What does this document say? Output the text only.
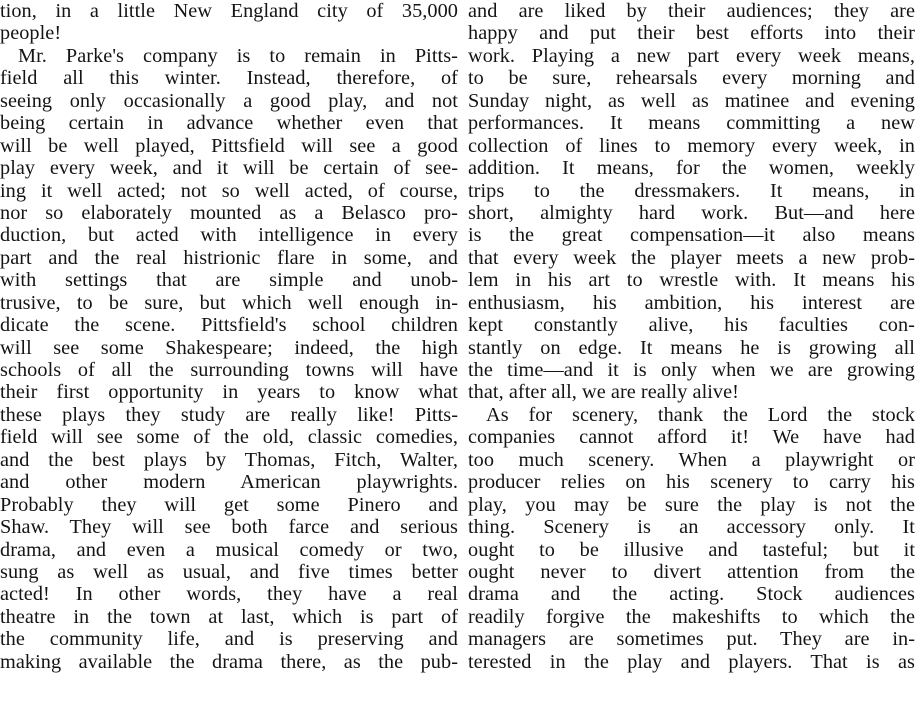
tion, in a little New England city of 35,000
people!
Mr. Parke's company is to remain in Pitts-
field all this winter. Instead, therefore, of
seeing only occasionally a good play, and not
being certain in advance whether even that
will be well played, Pittsfield will see a good
play every week, and it will be certain of see-
ing it well acted; not so well acted, of course,
nor so elaborately mounted as a Belasco pro-
duction, but acted with intelligence in every
part and the real histrionic flare in some, and
with settings that are simple and unob-
trusive, to be sure, but which well enough in-
dicate the scene. Pittsfield's school children
will see some Shakespeare; indeed, the high
schools of all the surrounding towns will have
their first opportunity in years to know what
these plays they study are really like! Pitts-
field will see some of the old, classic comedies,
and the best plays by Thomas, Fitch, Walter,
and other modern American playwrights.
Probably they will get some Pinero and
Shaw. They will see both farce and serious
drama, and even a musical comedy or two,
sung as well as usual, and five times better
acted! In other words, they have a real
theatre in the town at last, which is part of
the community life, and is preserving and
making available the drama there, as the pub-
and are liked by their audiences; they are
happy and put their best efforts into their
work. Playing a new part every week means,
to be sure, rehearsals every morning and
Sunday night, as well as matinee and evening
performances. It means committing a new
collection of lines to memory every week, in
addition. It means, for the women, weekly
trips to the dressmakers. It means, in
short, almighty hard work. But—and here
is the great compensation—it also means
that every week the player meets a new prob-
lem in his art to wrestle with. It means his
enthusiasm, his ambition, his interest are
kept constantly alive, his faculties con-
stantly on edge. It means he is growing all
the time—and it is only when we are growing
that, after all, we are really alive!
As for scenery, thank the Lord the stock
companies cannot afford it! We have had
too much scenery. When a playwright or
producer relies on his scenery to carry his
play, you may be sure the play is not the
thing. Scenery is an accessory only. It
ought to be illusive and tasteful; but it
ought never to divert attention from the
drama and the acting. Stock audiences
readily forgive the makeshifts to which the
managers are sometimes put. They are in-
terested in the play and players. That is as
